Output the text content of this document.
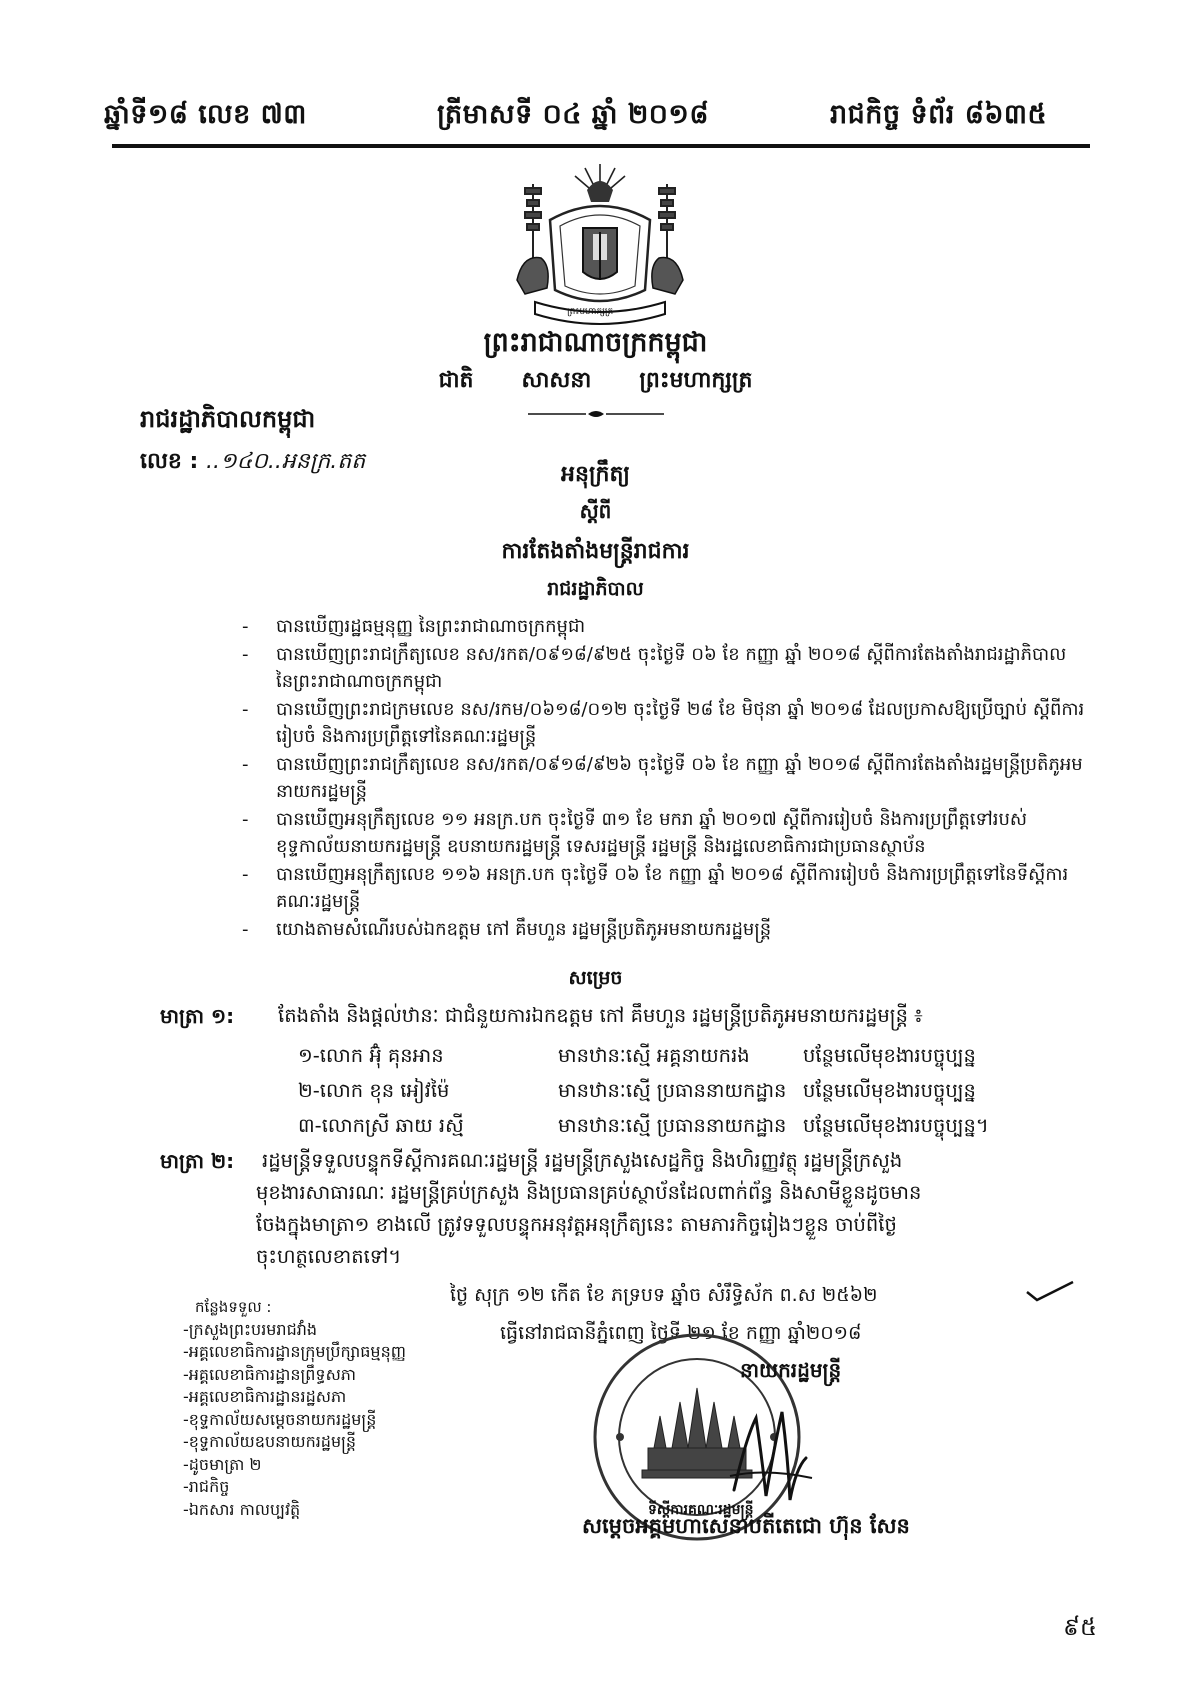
ឆ្នាំទី១៨ លេខ ៧៣	ត្រីមាសទី ០៤ ឆ្នាំ ២០១៨	រាជកិច្ច ទំព័រ ៨៦៣៥
ព្រះមហាក្សត្រ
ព្រះរាជាណាចក្រកម្ពុជា
ជាតិ សាសនា ព្រះមហាក្សត្រ
រាជរដ្ឋាភិបាលកម្ពុជា
លេខ : ..១៤០..អនក្រ.តត
អនុក្រឹត្យ
ស្តីពី
ការតែងតាំងមន្ត្រីរាជការ
រាជរដ្ឋាភិបាល
-	បានឃើញរដ្ឋធម្មនុញ្ញ នៃព្រះរាជាណាចក្រកម្ពុជា
-	បានឃើញព្រះរាជក្រឹត្យលេខ នស/រកត/០៩១៨/៩២៥ ចុះថ្ងៃទី ០៦ ខែ កញ្ញា ឆ្នាំ ២០១៨ ស្តីពីការតែងតាំងរាជរដ្ឋាភិបាល នៃព្រះរាជាណាចក្រកម្ពុជា
-	បានឃើញព្រះរាជក្រមលេខ នស/រកម/០៦១៨/០១២ ចុះថ្ងៃទី ២៨ ខែ មិថុនា ឆ្នាំ ២០១៨ ដែលប្រកាសឱ្យប្រើច្បាប់ ស្តីពីការរៀបចំ និងការប្រព្រឹត្តទៅនៃគណៈរដ្ឋមន្ត្រី
-	បានឃើញព្រះរាជក្រឹត្យលេខ នស/រកត/០៩១៨/៩២៦ ចុះថ្ងៃទី ០៦ ខែ កញ្ញា ឆ្នាំ ២០១៨ ស្តីពីការតែងតាំងរដ្ឋមន្ត្រីប្រតិភូអមនាយករដ្ឋមន្ត្រី
-	បានឃើញអនុក្រឹត្យលេខ ១១ អនក្រ.បក ចុះថ្ងៃទី ៣១ ខែ មករា ឆ្នាំ ២០១៧ ស្តីពីការរៀបចំ និងការប្រព្រឹត្តទៅរបស់ខុទ្ទកាល័យនាយករដ្ឋមន្ត្រី ឧបនាយករដ្ឋមន្ត្រី ទេសរដ្ឋមន្ត្រី រដ្ឋមន្ត្រី និងរដ្ឋលេខាធិការជាប្រធានស្ថាប័ន
-	បានឃើញអនុក្រឹត្យលេខ ១១៦ អនក្រ.បក ចុះថ្ងៃទី ០៦ ខែ កញ្ញា ឆ្នាំ ២០១៨ ស្តីពីការរៀបចំ និងការប្រព្រឹត្តទៅនៃទីស្តីការគណៈរដ្ឋមន្ត្រី
-	យោងតាមសំណើរបស់ឯកឧត្តម កៅ គឹមហួន រដ្ឋមន្ត្រីប្រតិភូអមនាយករដ្ឋមន្ត្រី
សម្រេច
មាត្រា ១: តែងតាំង និងផ្តល់ឋានៈ ជាជំនួយការឯកឧត្តម កៅ គឹមហួន រដ្ឋមន្ត្រីប្រតិភូអមនាយករដ្ឋមន្ត្រី ៖
១-លោក អ៊ុំ គុនអាន	មានឋានៈស្មើ អគ្គនាយករង	បន្ថែមលើមុខងារបច្ចុប្បន្ន
២-លោក ខុន អៀវម៉ៃ	មានឋានៈស្មើ ប្រធាននាយកដ្ឋាន បន្ថែមលើមុខងារបច្ចុប្បន្ន
៣-លោកស្រី ឆាយ រស្មី	មានឋានៈស្មើ ប្រធាននាយកដ្ឋាន បន្ថែមលើមុខងារបច្ចុប្បន្ន។
មាត្រា ២: រដ្ឋមន្ត្រីទទួលបន្ទុកទីស្តីការគណៈរដ្ឋមន្ត្រី រដ្ឋមន្ត្រីក្រសួងសេដ្ឋកិច្ច និងហិរញ្ញវត្ថុ រដ្ឋមន្ត្រីក្រសួង
មុខងារសាធារណៈ រដ្ឋមន្ត្រីគ្រប់ក្រសួង និងប្រធានគ្រប់ស្ថាប័នដែលពាក់ព័ន្ធ និងសាមីខ្លួនដូចមាន
ចែងក្នុងមាត្រា១ ខាងលើ ត្រូវទទួលបន្ទុកអនុវត្តអនុក្រឹត្យនេះ តាមភារកិច្ចរៀងៗខ្លួន ចាប់ពីថ្ងៃ
ចុះហត្ថលេខាតទៅ។
ថ្ងៃ សុក្រ ១២ កើត ខែ ភទ្របទ ឆ្នាំច សំរឹទ្ធិស័ក ព.ស ២៥៦២
ធ្វើនៅរាជធានីភ្នំពេញ ថ្ងៃទី ២១ ខែ កញ្ញា ឆ្នាំ២០១៨
ទីស្តីការគណៈរដ្ឋមន្ត្រី
នាយករដ្ឋមន្ត្រី
សម្តេចអគ្គមហាសេនាបតីតេជោ ហ៊ុន សែន
កន្លែងទទួល :
-ក្រសួងព្រះបរមរាជវាំង
-អគ្គលេខាធិការដ្ឋានក្រុមប្រឹក្សាធម្មនុញ្ញ
-អគ្គលេខាធិការដ្ឋានព្រឹទ្ធសភា
-អគ្គលេខាធិការដ្ឋានរដ្ឋសភា
-ខុទ្ទកាល័យសម្តេចនាយករដ្ឋមន្ត្រី
-ខុទ្ទកាល័យឧបនាយករដ្ឋមន្ត្រី
-ដូចមាត្រា ២
-រាជកិច្ច
-ឯកសារ កាលប្បវត្តិ
៩៥
